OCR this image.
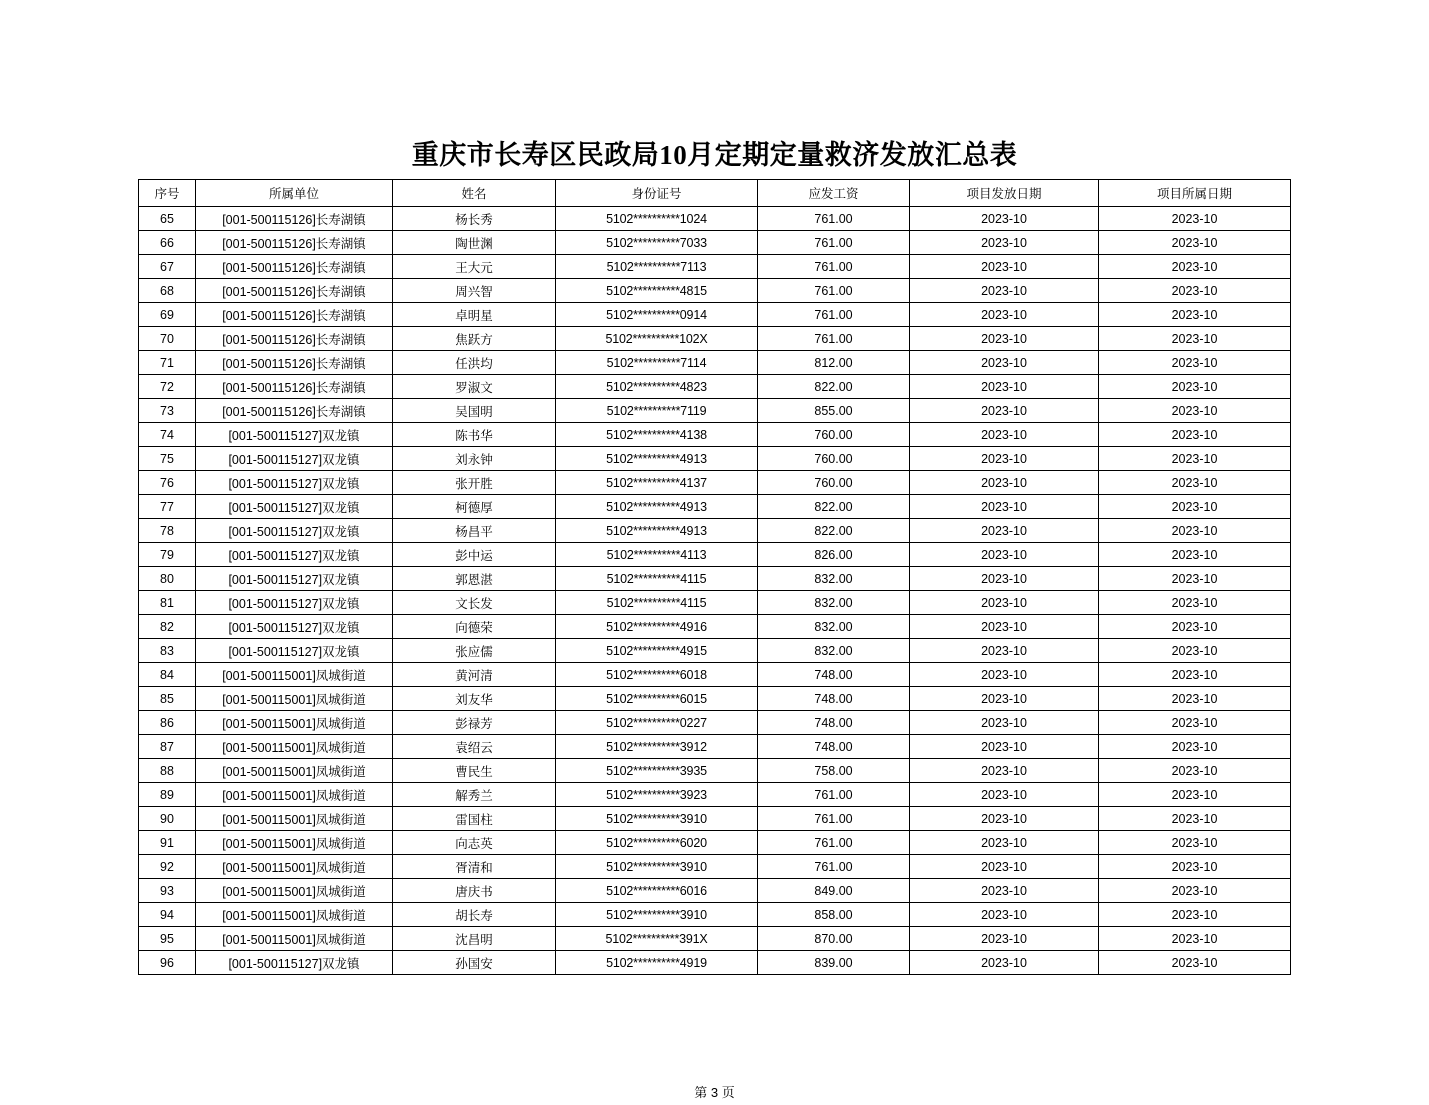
重庆市长寿区民政局10月定期定量救济发放汇总表
序号	所属单位	姓名	身份证号	应发工资	项目发放日期	项目所属日期
65	[001-500115126]长寿湖镇	杨长秀	5102**********1024	761.00	2023-10	2023-10
66	[001-500115126]长寿湖镇	陶世渊	5102**********7033	761.00	2023-10	2023-10
67	[001-500115126]长寿湖镇	王大元	5102**********7113	761.00	2023-10	2023-10
68	[001-500115126]长寿湖镇	周兴智	5102**********4815	761.00	2023-10	2023-10
69	[001-500115126]长寿湖镇	卓明星	5102**********0914	761.00	2023-10	2023-10
70	[001-500115126]长寿湖镇	焦跃方	5102**********102X	761.00	2023-10	2023-10
71	[001-500115126]长寿湖镇	任洪均	5102**********7114	812.00	2023-10	2023-10
72	[001-500115126]长寿湖镇	罗淑文	5102**********4823	822.00	2023-10	2023-10
73	[001-500115126]长寿湖镇	吴国明	5102**********7119	855.00	2023-10	2023-10
74	[001-500115127]双龙镇	陈书华	5102**********4138	760.00	2023-10	2023-10
75	[001-500115127]双龙镇	刘永钟	5102**********4913	760.00	2023-10	2023-10
76	[001-500115127]双龙镇	张开胜	5102**********4137	760.00	2023-10	2023-10
77	[001-500115127]双龙镇	柯德厚	5102**********4913	822.00	2023-10	2023-10
78	[001-500115127]双龙镇	杨昌平	5102**********4913	822.00	2023-10	2023-10
79	[001-500115127]双龙镇	彭中运	5102**********4113	826.00	2023-10	2023-10
80	[001-500115127]双龙镇	郭恩湛	5102**********4115	832.00	2023-10	2023-10
81	[001-500115127]双龙镇	文长发	5102**********4115	832.00	2023-10	2023-10
82	[001-500115127]双龙镇	向德荣	5102**********4916	832.00	2023-10	2023-10
83	[001-500115127]双龙镇	张应儒	5102**********4915	832.00	2023-10	2023-10
84	[001-500115001]凤城街道	黄河清	5102**********6018	748.00	2023-10	2023-10
85	[001-500115001]凤城街道	刘友华	5102**********6015	748.00	2023-10	2023-10
86	[001-500115001]凤城街道	彭禄芳	5102**********0227	748.00	2023-10	2023-10
87	[001-500115001]凤城街道	袁绍云	5102**********3912	748.00	2023-10	2023-10
88	[001-500115001]凤城街道	曹民生	5102**********3935	758.00	2023-10	2023-10
89	[001-500115001]凤城街道	解秀兰	5102**********3923	761.00	2023-10	2023-10
90	[001-500115001]凤城街道	雷国柱	5102**********3910	761.00	2023-10	2023-10
91	[001-500115001]凤城街道	向志英	5102**********6020	761.00	2023-10	2023-10
92	[001-500115001]凤城街道	胥清和	5102**********3910	761.00	2023-10	2023-10
93	[001-500115001]凤城街道	唐庆书	5102**********6016	849.00	2023-10	2023-10
94	[001-500115001]凤城街道	胡长寿	5102**********3910	858.00	2023-10	2023-10
95	[001-500115001]凤城街道	沈昌明	5102**********391X	870.00	2023-10	2023-10
96	[001-500115127]双龙镇	孙国安	5102**********4919	839.00	2023-10	2023-10
第 3 页
